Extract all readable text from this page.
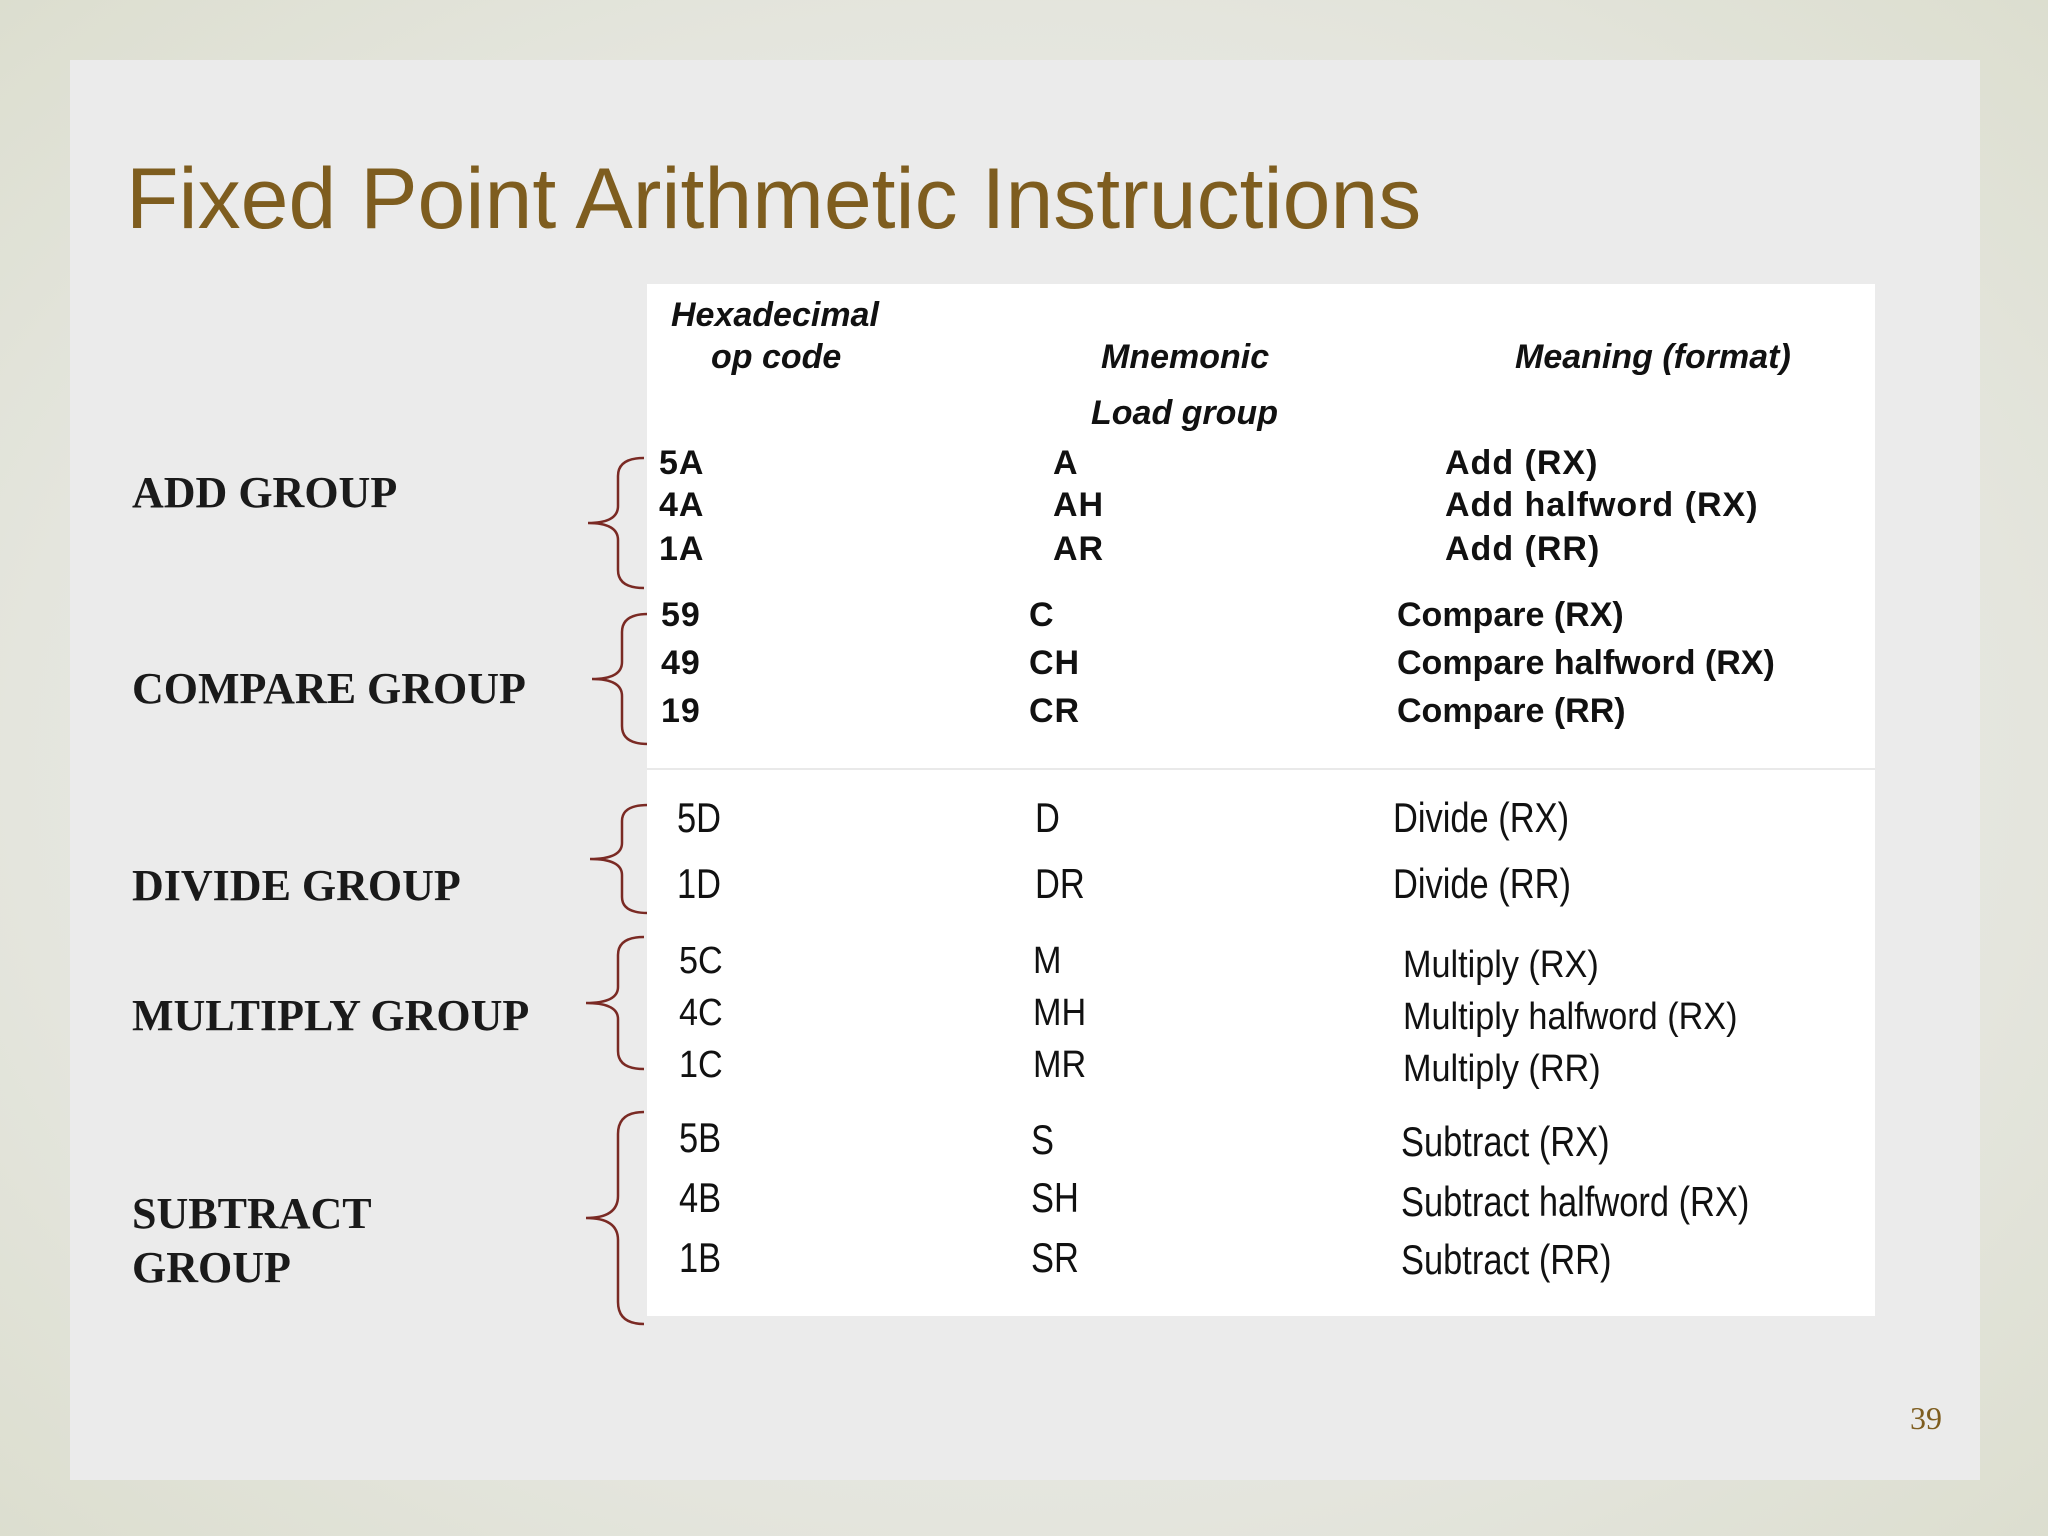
Fixed Point Arithmetic Instructions
ADD GROUP
COMPARE GROUP
DIVIDE GROUP
MULTIPLY GROUP
SUBTRACT
GROUP
Hexadecimal
op code	Mnemonic	Meaning (format)
Load group
5A	A	Add (RX)
4A	AH	Add halfword (RX)
1A	AR	Add (RR)
59	C	Compare (RX)
49	CH	Compare halfword (RX)
19	CR	Compare (RR)
5D	D	Divide (RX)
1D	DR	Divide (RR)
5C	M	Multiply (RX)
4C	MH	Multiply halfword (RX)
1C	MR	Multiply (RR)
5B	S	Subtract (RX)
4B	SH	Subtract halfword (RX)
1B	SR	Subtract (RR)
39
